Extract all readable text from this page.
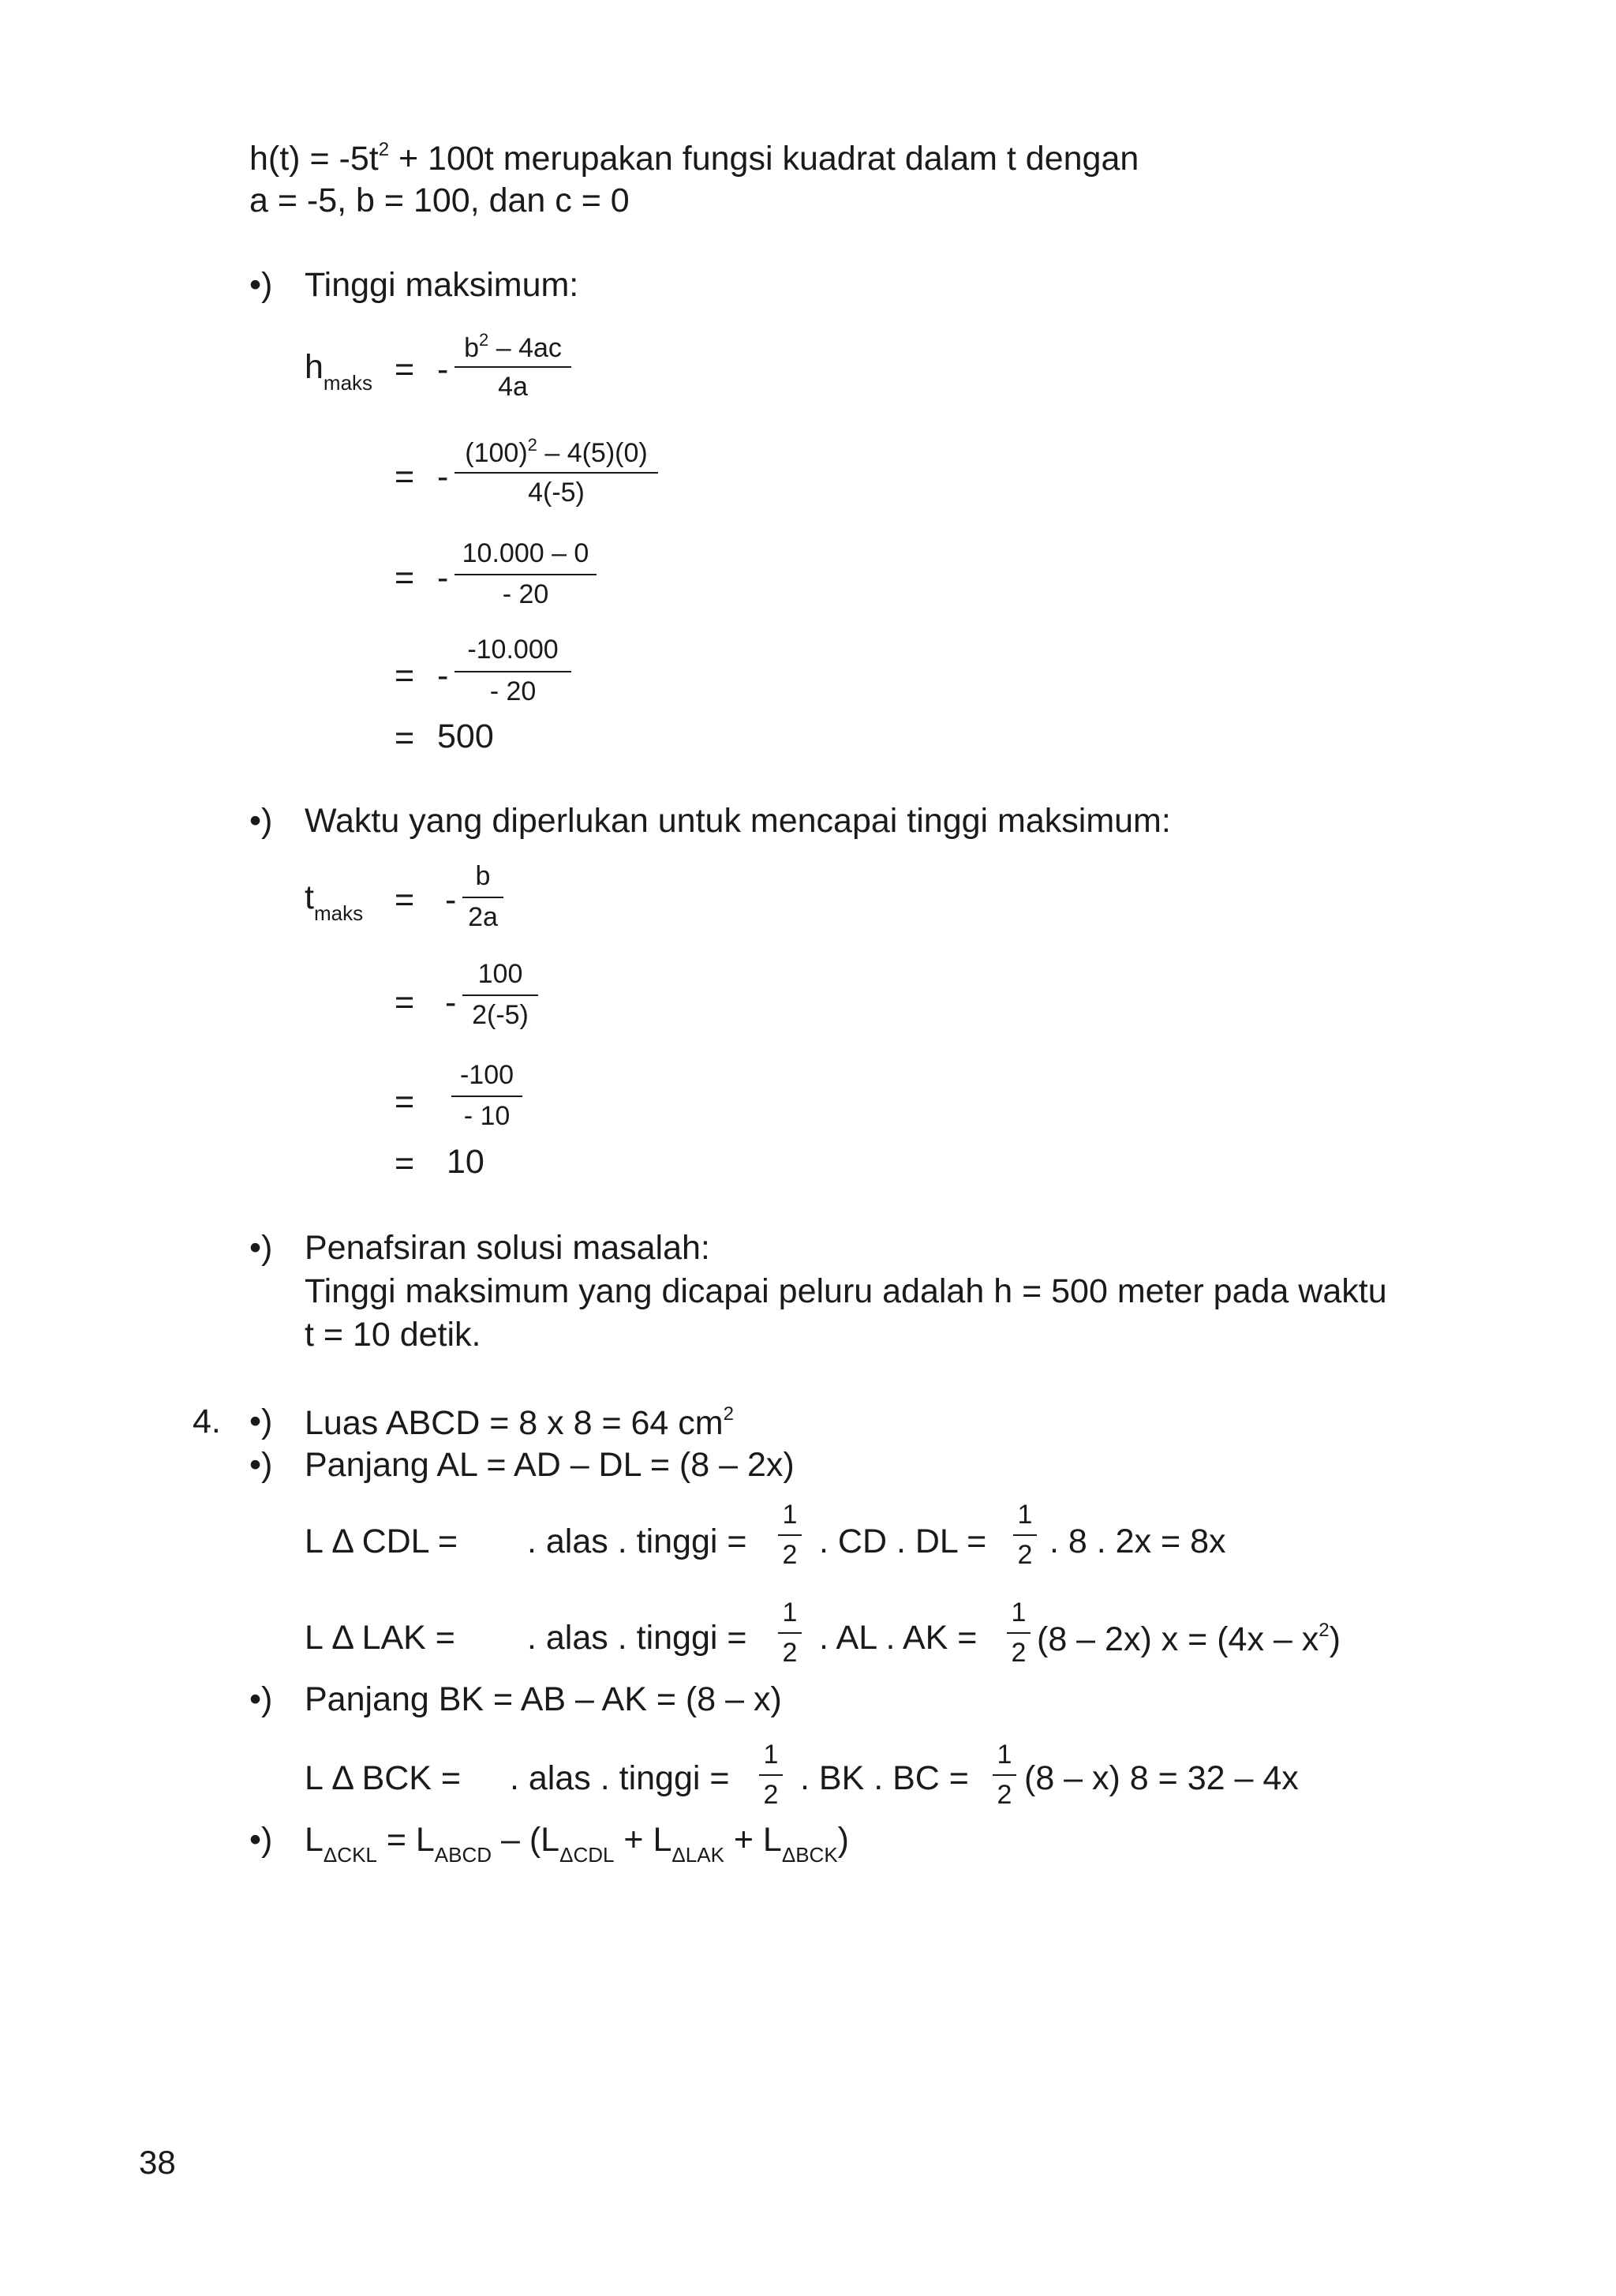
$h(t) = -5t^2 + 100t$ merupakan fungsi kuadrat dalam t dengan
a = -5, b = 100, dan c = 0
•) Tinggi maksimum:
$h_{maks}$ = -
$b^2 - 4ac$
4a
= -
$(100)^2 - 4(5)(0)$
4(-5)
= -
10.000 – 0
- 20
= -
-10.000
- 20
= 500
•) Waktu yang diperlukan untuk mencapai tinggi maksimum:
$t_{maks}$ = -
b
2a
= -
100
2(-5)
=
-100
- 10
= 10
•) Penafsiran solusi masalah:
Tinggi maksimum yang dicapai peluru adalah h = 500 meter pada waktu
t = 10 detik.
4. •) Luas ABCD = 8 x 8 = 64 $cm^2$
•) Panjang AL = AD – DL = (8 – 2x)
L Δ CDL = . alas . tinggi =
1
2 . CD . DL =
1
2 . 8 . 2x = 8x
L Δ LAK = . alas . tinggi =
1
2 . AL . AK =
1
2 (8 – 2x) $x = (4x - x^2)$
•) Panjang BK = AB – AK = (8 – x)
L Δ BCK = . alas . tinggi =
1
2 . BK . BC =
1
2 (8 – x) 8 = 32 – 4x
•) $L_{\Delta CKL} = L_{ABCD} - (L_{\Delta CDL} + L_{\Delta LAK} + L_{\Delta BCK})$
38
